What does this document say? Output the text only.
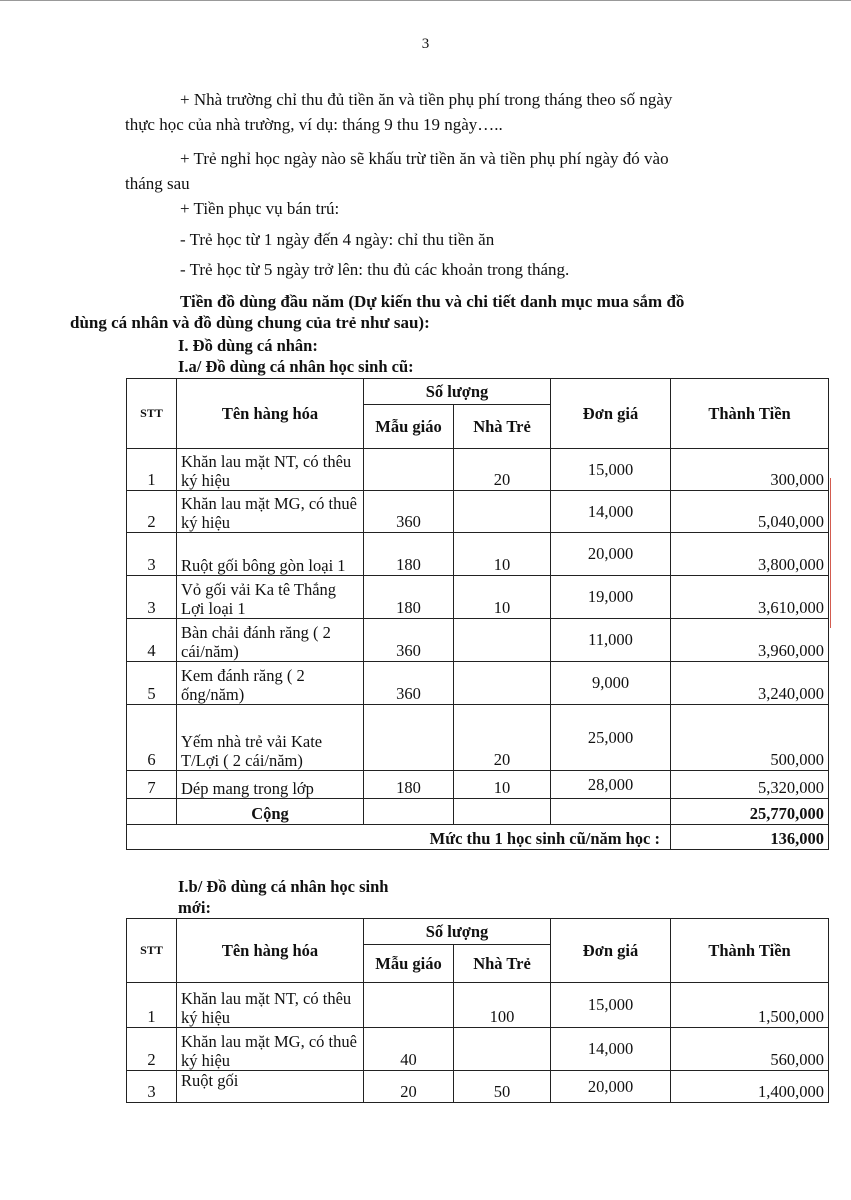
3

+ Nhà trường chỉ thu đủ tiền ăn và tiền phụ phí trong tháng theo số ngày

thực học của nhà trường, ví dụ: tháng 9 thu 19 ngày…..

+ Trẻ nghỉ học ngày nào sẽ khấu trừ tiền ăn và tiền phụ phí ngày đó vào

tháng sau

+ Tiền phục vụ bán trú:

- Trẻ học từ 1 ngày đến 4 ngày: chỉ thu tiền ăn

- Trẻ học từ 5 ngày trở lên: thu đủ các khoản trong tháng.

Tiền đồ dùng đầu năm (Dự kiến thu và chi tiết danh mục mua sắm đồ
dùng cá nhân và đồ dùng chung của trẻ như sau):
I. Đồ dùng cá nhân:
I.a/ Đồ dùng cá nhân học sinh cũ:
STT	Tên hàng hóa	Số lượng		Đơn giá	Thành Tiền
		Mẫu giáo	Nhà Trẻ		
1	Khăn lau mặt NT, có thêu ký hiệu		20	15,000	300,000
2	Khăn lau mặt MG, có thuê ký hiệu	360		14,000	5,040,000
3	Ruột gối bông gòn loại 1	180	10	20,000	3,800,000
3	Vỏ gối vải Ka tê Thắng Lợi loại 1	180	10	19,000	3,610,000
4	Bàn chải đánh răng ( 2 cái/năm)	360		11,000	3,960,000
5	Kem đánh răng ( 2 ống/năm)	360		9,000	3,240,000
6	Yếm nhà trẻ vải Kate T/Lợi ( 2 cái/năm)		20	25,000	500,000
7	Dép mang trong lớp	180	10	28,000	5,320,000
	Cộng				25,770,000
Mức thu 1 học sinh cũ/năm học :					136,000
I.b/ Đồ dùng cá nhân học sinh
mới:
STT	Tên hàng hóa	Số lượng		Đơn giá	Thành Tiền
		Mẫu giáo	Nhà Trẻ		
1	Khăn lau mặt NT, có thêu ký hiệu		100	15,000	1,500,000
2	Khăn lau mặt MG, có thuê ký hiệu	40		14,000	560,000
3	Ruột gối	20	50	20,000	1,400,000
